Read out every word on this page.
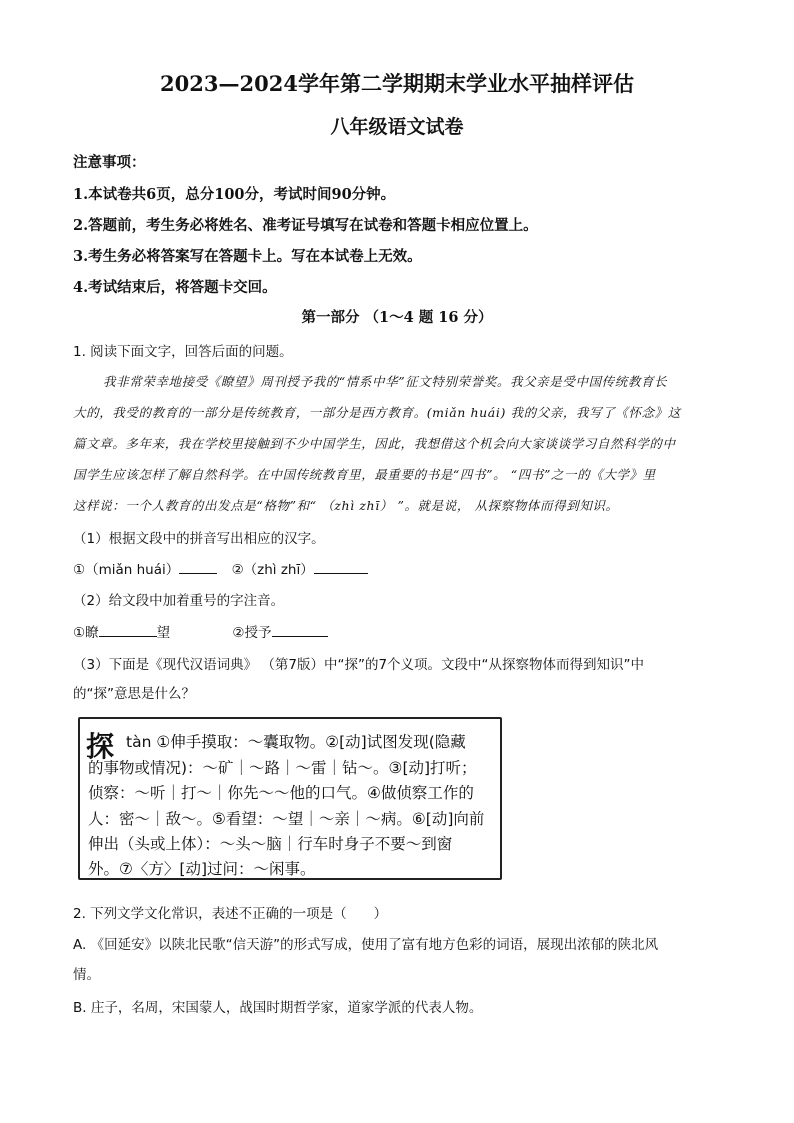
2023—2024学年第二学期期末学业水平抽样评估
八年级语文试卷
注意事项：
1.本试卷共6页，总分100分，考试时间90分钟。
2.答题前，考生务必将姓名、准考证号填写在试卷和答题卡相应位置上。
3.考生务必将答案写在答题卡上。写在本试卷上无效。
4.考试结束后，将答题卡交回。
第一部分 （1～4 题 16 分）
1. 阅读下面文字，回答后面的问题。
我非常荣幸地接受《瞭望》周刊授予我的“情系中华”征文特别荣誉奖。我父亲是受中国传统教育长
大的，我受的教育的一部分是传统教育，一部分是西方教育。(miǎn huái) 我的父亲，我写了《怀念》这
篇文章。多年来，我在学校里接触到不少中国学生，因此，我想借这个机会向大家谈谈学习自然科学的中
国学生应该怎样了解自然科学。在中国传统教育里，最重要的书是“四书”。 “四书”之一的《大学》里
这样说：一个人教育的出发点是“格物”和“ （zhì zhī） ”。就是说， 从探察物体而得到知识。
（1）根据文段中的拼音写出相应的汉字。
①（miǎn huái）	②（zhì zhī）
（2）给文段中加着重号的字注音。
①瞭	望	②授予
（3）下面是《现代汉语词典》 （第7版）中“探”的7个义项。文段中“从探察物体而得到知识”中
的“探”意思是什么？
探 tàn ①伸手摸取：～囊取物。②[动]试图发现(隐藏
的事物或情况)：～矿｜～路｜～雷｜钻～。③[动]打听；
侦察：～听｜打～｜你先～～他的口气。④做侦察工作的
人：密～｜敌～。⑤看望：～望｜～亲｜～病。⑥[动]向前
伸出（头或上体）：～头～脑｜行车时身子不要～到窗
外。⑦〈方〉[动]过问：～闲事。
2. 下列文学文化常识，表述不正确的一项是（　　）
A. 《回延安》以陕北民歌“信天游”的形式写成，使用了富有地方色彩的词语，展现出浓郁的陕北风
情。
B. 庄子，名周，宋国蒙人，战国时期哲学家，道家学派的代表人物。
